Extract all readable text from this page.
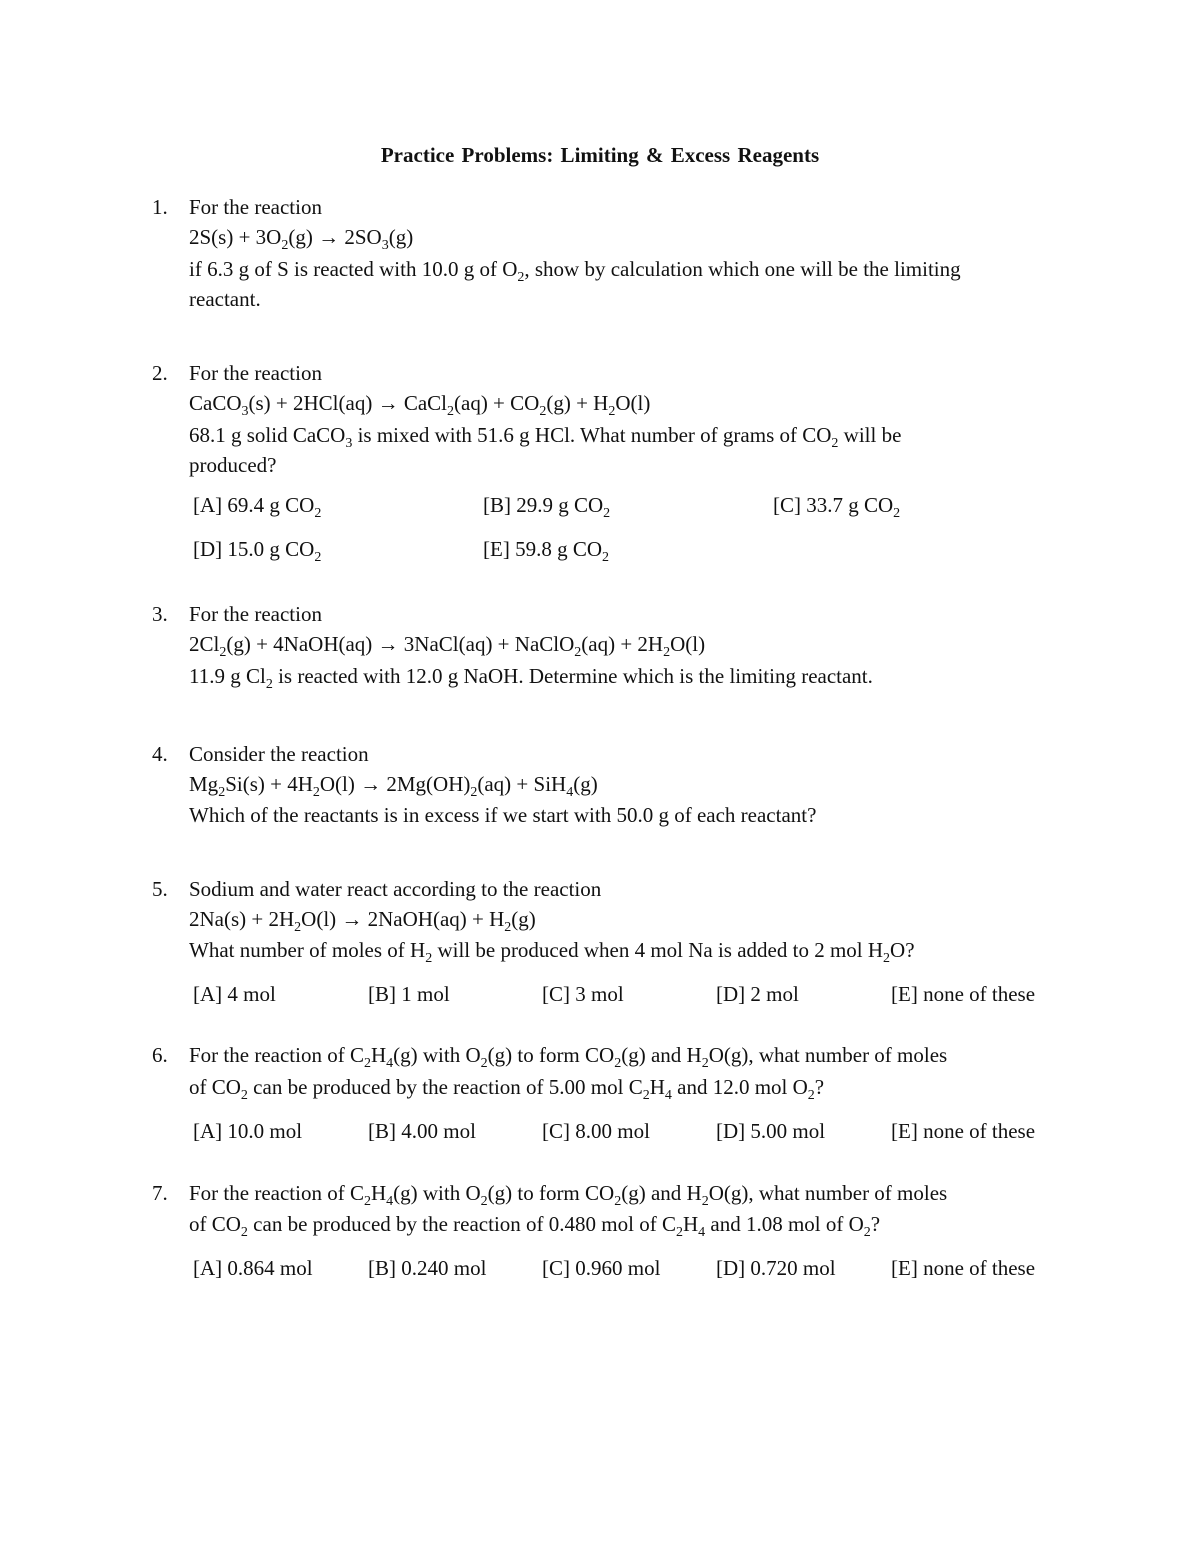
Practice Problems: Limiting & Excess Reagents
1. For the reaction
$2S(s) + 3O_2(g) \to 2SO_3(g)$
if 6.3 g of S is reacted with 10.0 g of $O_2$, show by calculation which one will be the limiting
reactant.
2. For the reaction
CaCO$_3$(s) + 2HCl(aq) → CaCl$_2$(aq) + $CO_2(g) + H_2O(l)$
68.1 g solid CaCO$_3$ is mixed with 51.6 g HCl. What number of grams of $CO_2$ will be
produced?
[A] 69.4 g $CO_2$	[B] 29.9 g $CO_2$	[C] 33.7 g $CO_2$
[D] 15.0 g $CO_2$	[E] 59.8 g $CO_2$
3. For the reaction
$2Cl_2(g)$ + 4NaOH(aq) → 3NaCl(aq) + NaClO$_2$(aq) + $2H_2O(l)$
11.9 g $Cl_2$ is reacted with 12.0 g NaOH. Determine which is the limiting reactant.
4. Consider the reaction
$Mg_2Si(s) + 4H_2O(l) \to 2Mg(OH)_2(aq) + SiH_4(g)$
Which of the reactants is in excess if we start with 50.0 g of each reactant?
5. Sodium and water react according to the reaction
$2Na(s) + 2H_2O(l)$ → 2NaOH(aq) + $H_2(g)$
What number of moles of $H_2$ will be produced when 4 mol Na is added to 2 mol $H_2O$?
[A] 4 mol	[B] 1 mol	[C] 3 mol	[D] 2 mol	[E] none of these
6. For the reaction of $C_2H_4(g)$ with $O_2(g)$ to form $CO_2(g)$ and $H_2O(g)$, what number of moles
of $CO_2$ can be produced by the reaction of 5.00 mol $C_2H_4$ and 12.0 mol $O_2$?
[A] 10.0 mol	[B] 4.00 mol	[C] 8.00 mol	[D] 5.00 mol	[E] none of these
7. For the reaction of $C_2H_4(g)$ with $O_2(g)$ to form $CO_2(g)$ and $H_2O(g)$, what number of moles
of $CO_2$ can be produced by the reaction of 0.480 mol of $C_2H_4$ and 1.08 mol of $O_2$?
[A] 0.864 mol	[B] 0.240 mol	[C] 0.960 mol	[D] 0.720 mol	[E] none of these
